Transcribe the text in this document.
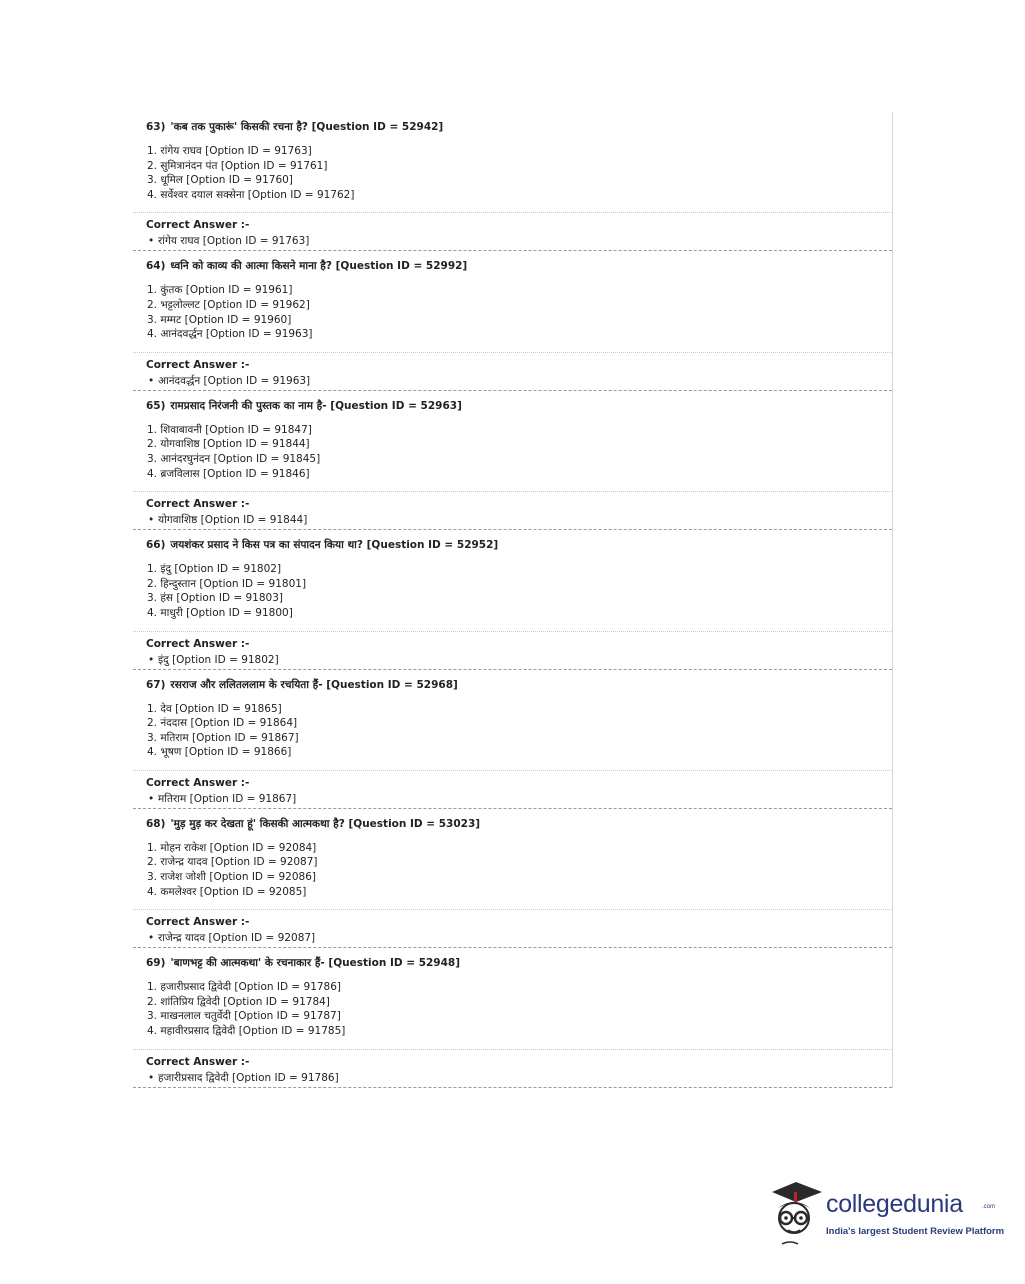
63) 'कब तक पुकारूं' किसकी रचना है? [Question ID = 52942]
1. रांगेय राघव [Option ID = 91763]
2. सुमित्रानंदन पंत [Option ID = 91761]
3. धूमिल [Option ID = 91760]
4. सर्वेश्वर दयाल सक्सेना [Option ID = 91762]
Correct Answer :-
• रांगेय राघव [Option ID = 91763]
64) ध्वनि को काव्य की आत्मा किसने माना है? [Question ID = 52992]
1. कुंतक [Option ID = 91961]
2. भट्टलोल्लट [Option ID = 91962]
3. मम्मट [Option ID = 91960]
4. आनंदवर्द्धन [Option ID = 91963]
Correct Answer :-
• आनंदवर्द्धन [Option ID = 91963]
65) रामप्रसाद निरंजनी की पुस्तक का नाम है- [Question ID = 52963]
1. शिवाबावनी [Option ID = 91847]
2. योगवाशिष्ठ [Option ID = 91844]
3. आनंदरघुनंदन [Option ID = 91845]
4. ब्रजविलास [Option ID = 91846]
Correct Answer :-
• योगवाशिष्ठ [Option ID = 91844]
66) जयशंकर प्रसाद ने किस पत्र का संपादन किया था? [Question ID = 52952]
1. इंदु [Option ID = 91802]
2. हिन्दुस्तान [Option ID = 91801]
3. हंस [Option ID = 91803]
4. माधुरी [Option ID = 91800]
Correct Answer :-
• इंदु [Option ID = 91802]
67) रसराज और ललितललाम के रचयिता हैं- [Question ID = 52968]
1. देव [Option ID = 91865]
2. नंददास [Option ID = 91864]
3. मतिराम [Option ID = 91867]
4. भूषण [Option ID = 91866]
Correct Answer :-
• मतिराम [Option ID = 91867]
68) 'मुड़ मुड़ कर देखता हूं' किसकी आत्मकथा है? [Question ID = 53023]
1. मोहन राकेश [Option ID = 92084]
2. राजेन्द्र यादव [Option ID = 92087]
3. राजेश जोशी [Option ID = 92086]
4. कमलेश्वर [Option ID = 92085]
Correct Answer :-
• राजेन्द्र यादव [Option ID = 92087]
69) 'बाणभट्ट की आत्मकथा' के रचनाकार हैं- [Question ID = 52948]
1. हजारीप्रसाद द्विवेदी [Option ID = 91786]
2. शांतिप्रिय द्विवेदी [Option ID = 91784]
3. माखनलाल चतुर्वेदी [Option ID = 91787]
4. महावीरप्रसाद द्विवेदी [Option ID = 91785]
Correct Answer :-
• हजारीप्रसाद द्विवेदी [Option ID = 91786]
collegedunia	.com
India's largest Student Review Platform
